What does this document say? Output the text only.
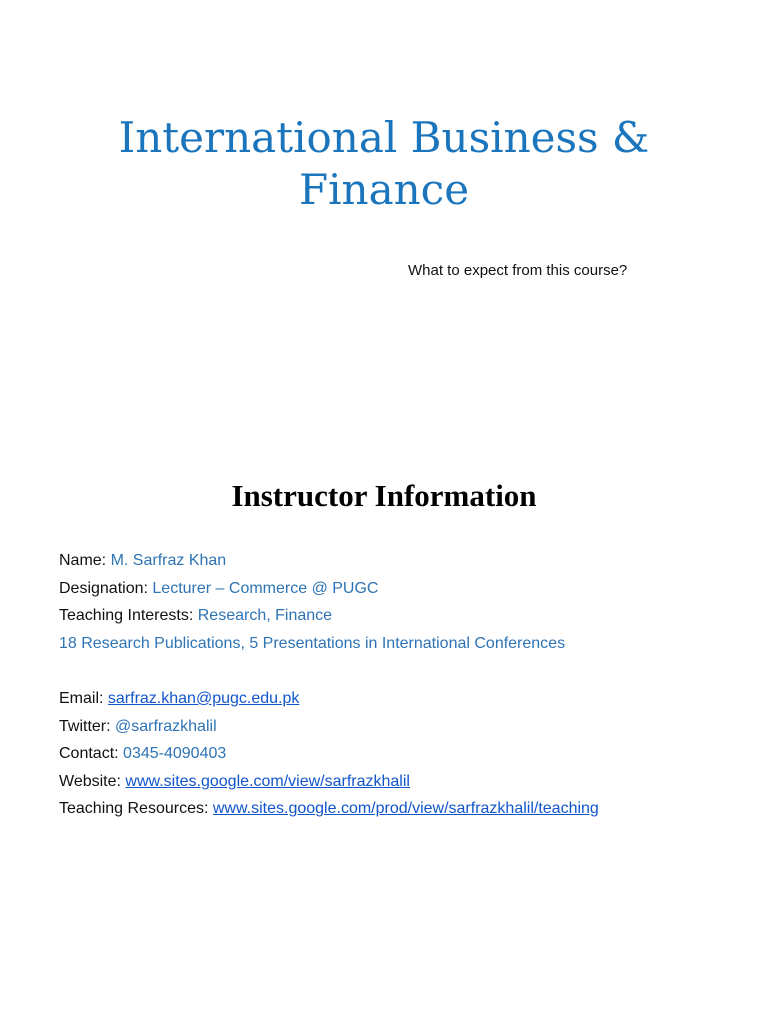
International Business &
Finance
What to expect from this course?
Instructor Information
Name: M. Sarfraz Khan
Designation: Lecturer – Commerce @ PUGC
Teaching Interests: Research, Finance
18 Research Publications, 5 Presentations in International Conferences
Email: sarfraz.khan@pugc.edu.pk
Twitter: @sarfrazkhalil
Contact: 0345-4090403
Website: www.sites.google.com/view/sarfrazkhalil
Teaching Resources: www.sites.google.com/prod/view/sarfrazkhalil/teaching
